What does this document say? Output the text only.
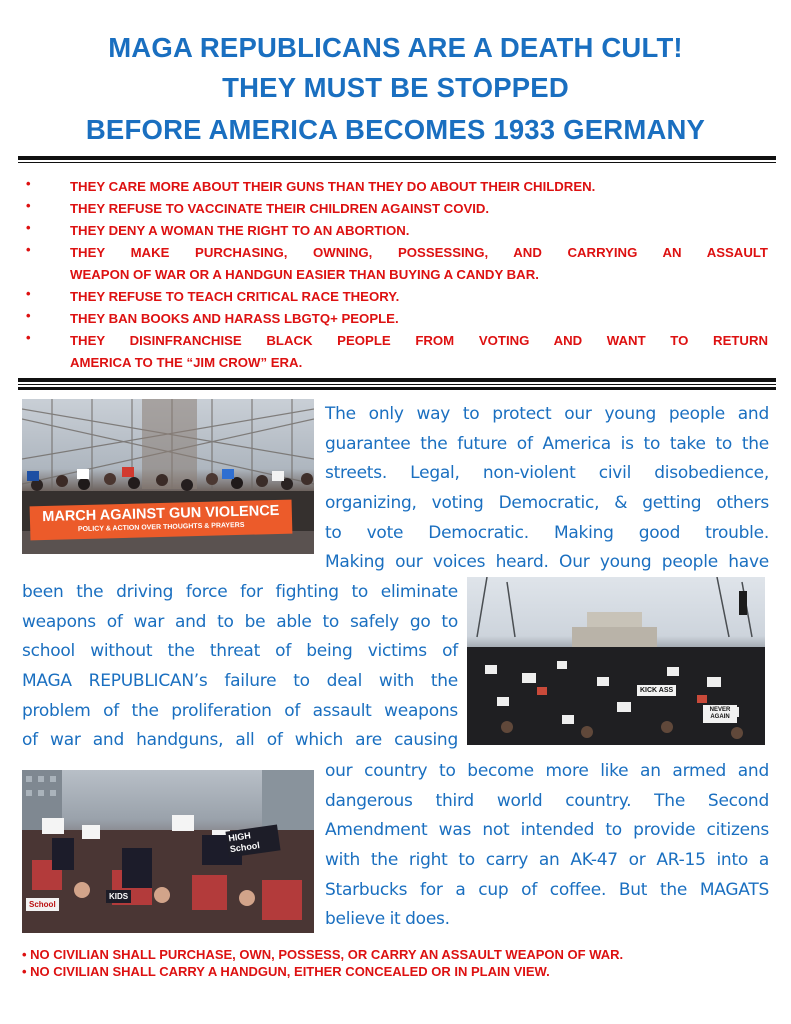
MAGA REPUBLICANS ARE A DEATH CULT!
THEY MUST BE STOPPED
BEFORE AMERICA BECOMES 1933 GERMANY
•	THEY CARE MORE ABOUT THEIR GUNS THAN THEY DO ABOUT THEIR CHILDREN.
•	THEY REFUSE TO VACCINATE THEIR CHILDREN AGAINST COVID.
•	THEY DENY A WOMAN THE RIGHT TO AN ABORTION.
•	THEY MAKE PURCHASING, OWNING, POSSESSING, AND CARRYING AN ASSAULT
WEAPON OF WAR OR A HANDGUN EASIER THAN BUYING A CANDY BAR.
•	THEY REFUSE TO TEACH CRITICAL RACE THEORY.
•	THEY BAN BOOKS AND HARASS LBGTQ+ PEOPLE.
•	THEY DISINFRANCHISE BLACK PEOPLE FROM VOTING AND WANT TO RETURN
AMERICA TO THE “JIM CROW” ERA.
MARCH AGAINST GUN VIOLENCE
POLICY & ACTION OVER THOUGHTS & PRAYERS
KICK ASS
NEVER AGAIN
HIGH School
KIDS
School
The only way to protect our young people and
guarantee the future of America is to take to the
streets. Legal, non-violent civil disobedience,
organizing, voting Democratic, & getting others
to vote Democratic. Making good trouble.
Making our voices heard. Our young people have
been the driving force for fighting to eliminate
weapons of war and to be able to safely go to
school without the threat of being victims of
MAGA REPUBLICAN’s failure to deal with the
problem of the proliferation of assault weapons
of war and handguns, all of which are causing
our country to become more like an armed and
dangerous third world country. The Second
Amendment was not intended to provide citizens
with the right to carry an AK-47 or AR-15 into a
Starbucks for a cup of coffee. But the MAGATS
believe it does.
• NO CIVILIAN SHALL PURCHASE, OWN, POSSESS, OR CARRY AN ASSAULT WEAPON OF WAR.
• NO CIVILIAN SHALL CARRY A HANDGUN, EITHER CONCEALED OR IN PLAIN VIEW.
